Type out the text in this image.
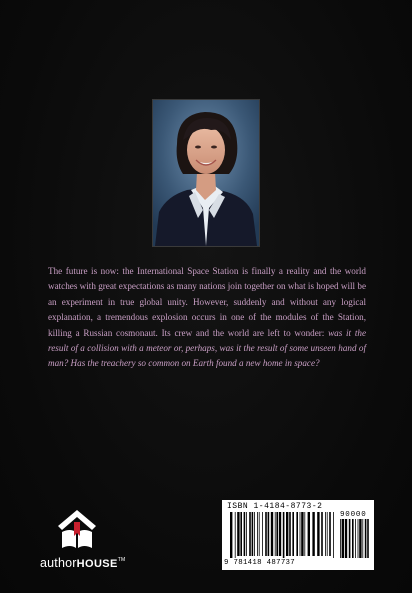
The future is now: the International Space Station is finally a reality and the world watches with great expectations as many nations join together on what is hoped will be an experiment in true global unity. However, suddenly and without any logical explanation, a tremendous explosion occurs in one of the modules of the Station, killing a Russian cosmonaut. Its crew and the world are left to wonder: was it the result of a collision with a meteor or, perhaps, was it the result of some unseen hand of man? Has the treachery so common on Earth found a new home in space?

authorHOUSE™
ISBN 1-4184-8773-2
90000
9 781418 487737
